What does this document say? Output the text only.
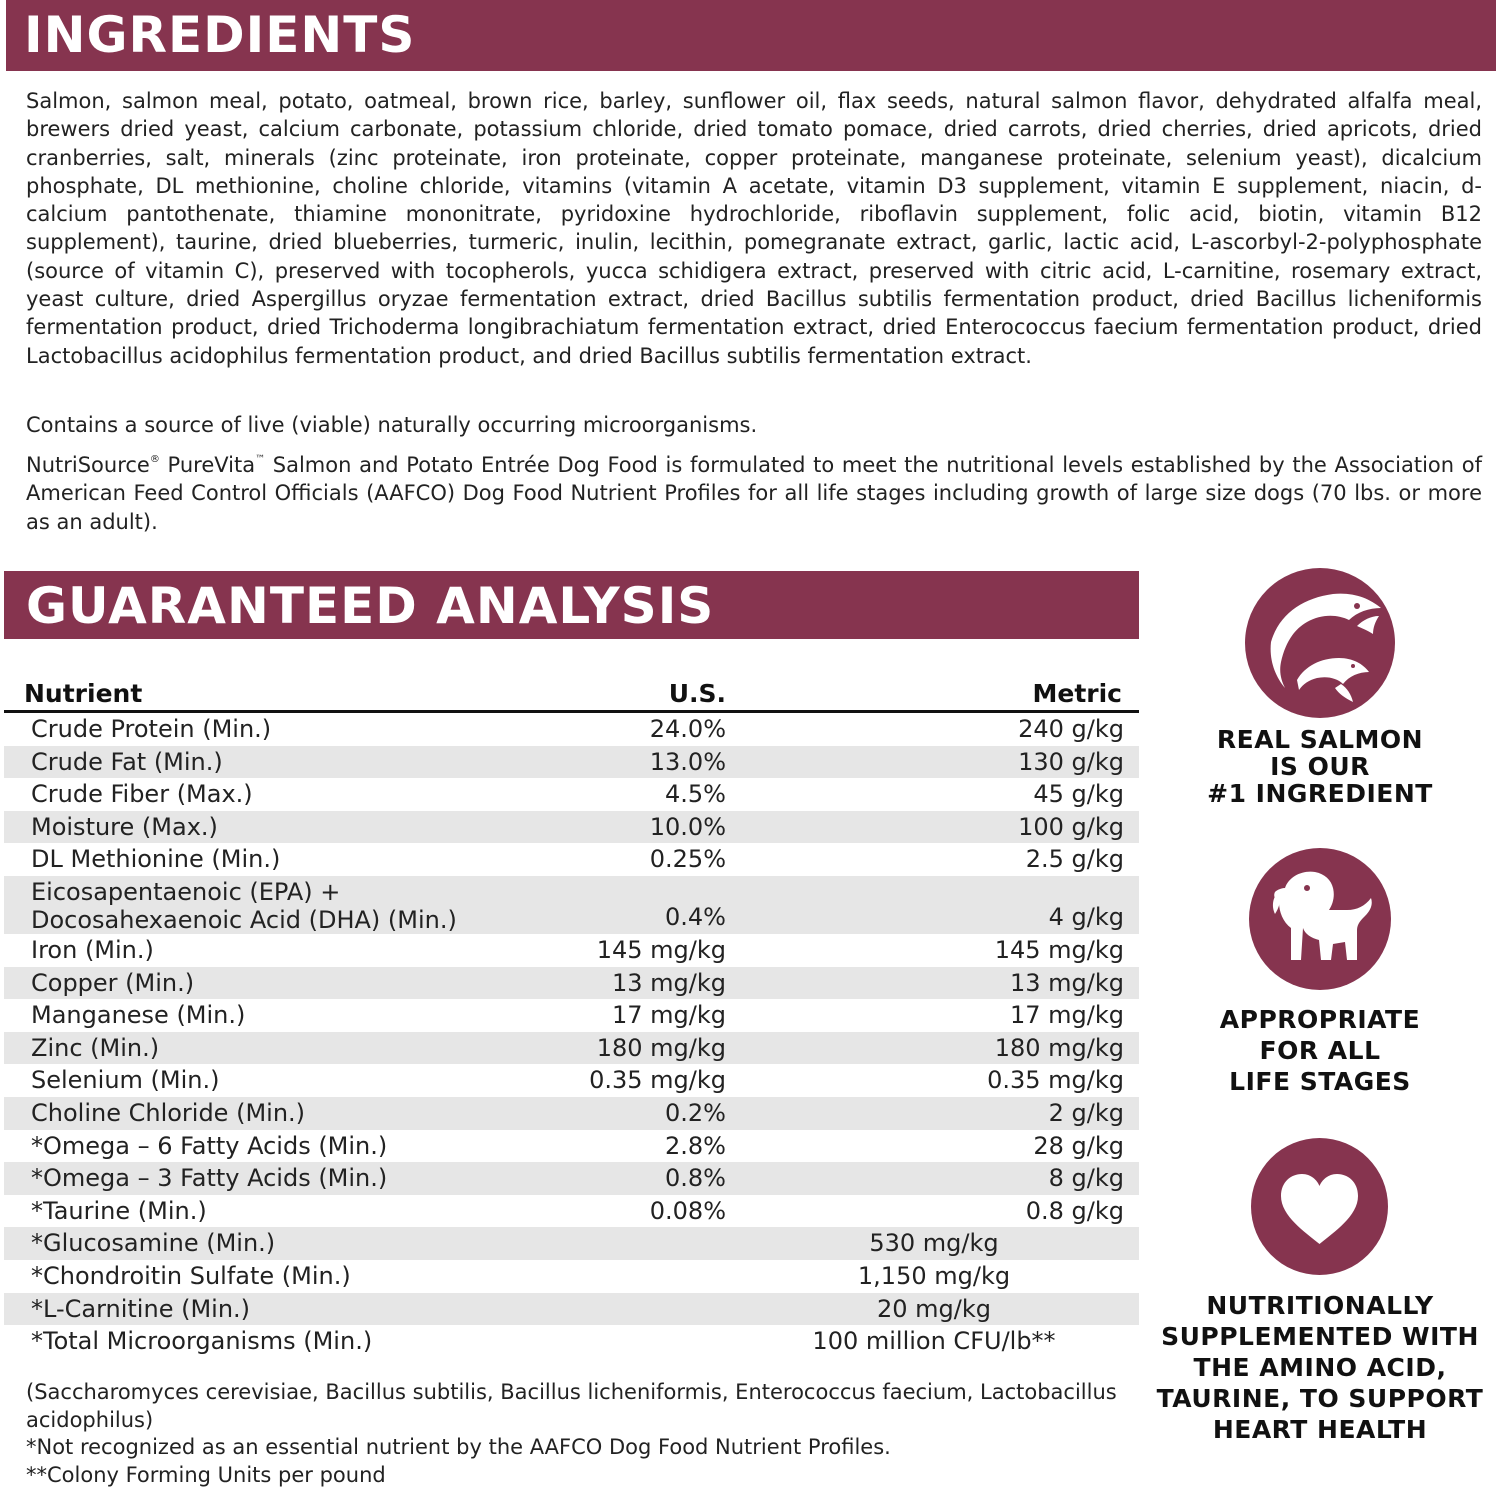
INGREDIENTS

Salmon, salmon meal, potato, oatmeal, brown rice, barley, sunflower oil, flax seeds, natural salmon flavor, dehydrated alfalfa meal, brewers dried yeast, calcium carbonate, potassium chloride, dried tomato pomace, dried carrots, dried cherries, dried apricots, dried cranberries, salt, minerals (zinc proteinate, iron proteinate, copper proteinate, manganese proteinate, selenium yeast), dicalcium phosphate, DL methionine, choline chloride, vitamins (vitamin A acetate, vitamin D3 supplement, vitamin E supplement, niacin, d-calcium pantothenate, thiamine mononitrate, pyridoxine hydrochloride, riboflavin supplement, folic acid, biotin, vitamin B12 supplement), taurine, dried blueberries, turmeric, inulin, lecithin, pomegranate extract, garlic, lactic acid, L-ascorbyl-2-polyphosphate (source of vitamin C), preserved with tocopherols, yucca schidigera extract, preserved with citric acid, L-carnitine, rosemary extract, yeast culture, dried Aspergillus oryzae fermentation extract, dried Bacillus subtilis fermentation product, dried Bacillus licheniformis fermentation product, dried Trichoderma longibrachiatum fermentation extract, dried Enterococcus faecium fermentation product, dried Lactobacillus acidophilus fermentation product, and dried Bacillus subtilis fermentation extract.

Contains a source of live (viable) naturally occurring microorganisms.

NutriSource® PureVita™ Salmon and Potato Entrée Dog Food is formulated to meet the nutritional levels established by the Association of American Feed Control Officials (AAFCO) Dog Food Nutrient Profiles for all life stages including growth of large size dogs (70 lbs. or more as an adult).

GUARANTEED ANALYSIS
Nutrient	U.S.	Metric
Crude Protein (Min.)	24.0%	240 g/kg
Crude Fat (Min.)	13.0%	130 g/kg
Crude Fiber (Max.)	4.5%	45 g/kg
Moisture (Max.)	10.0%	100 g/kg
DL Methionine (Min.)	0.25%	2.5 g/kg
Eicosapentaenoic (EPA) +
Docosahexaenoic Acid (DHA) (Min.)	0.4%	4 g/kg
Iron (Min.)	145 mg/kg	145 mg/kg
Copper (Min.)	13 mg/kg	13 mg/kg
Manganese (Min.)	17 mg/kg	17 mg/kg
Zinc (Min.)	180 mg/kg	180 mg/kg
Selenium (Min.)	0.35 mg/kg	0.35 mg/kg
Choline Chloride (Min.)	0.2%	2 g/kg
*Omega – 6 Fatty Acids (Min.)	2.8%	28 g/kg
*Omega – 3 Fatty Acids (Min.)	0.8%	8 g/kg
*Taurine (Min.)	0.08%	0.8 g/kg
*Glucosamine (Min.)	530 mg/kg
*Chondroitin Sulfate (Min.)	1,150 mg/kg
*L-Carnitine (Min.)	20 mg/kg
*Total Microorganisms (Min.)	100 million CFU/lb**

(Saccharomyces cerevisiae, Bacillus subtilis, Bacillus licheniformis, Enterococcus faecium, Lactobacillus acidophilus)

*Not recognized as an essential nutrient by the AAFCO Dog Food Nutrient Profiles.

**Colony Forming Units per pound

REAL SALMON
IS OUR
#1 INGREDIENT

APPROPRIATE
FOR ALL
LIFE STAGES

NUTRITIONALLY
SUPPLEMENTED WITH
THE AMINO ACID,
TAURINE, TO SUPPORT
HEART HEALTH
